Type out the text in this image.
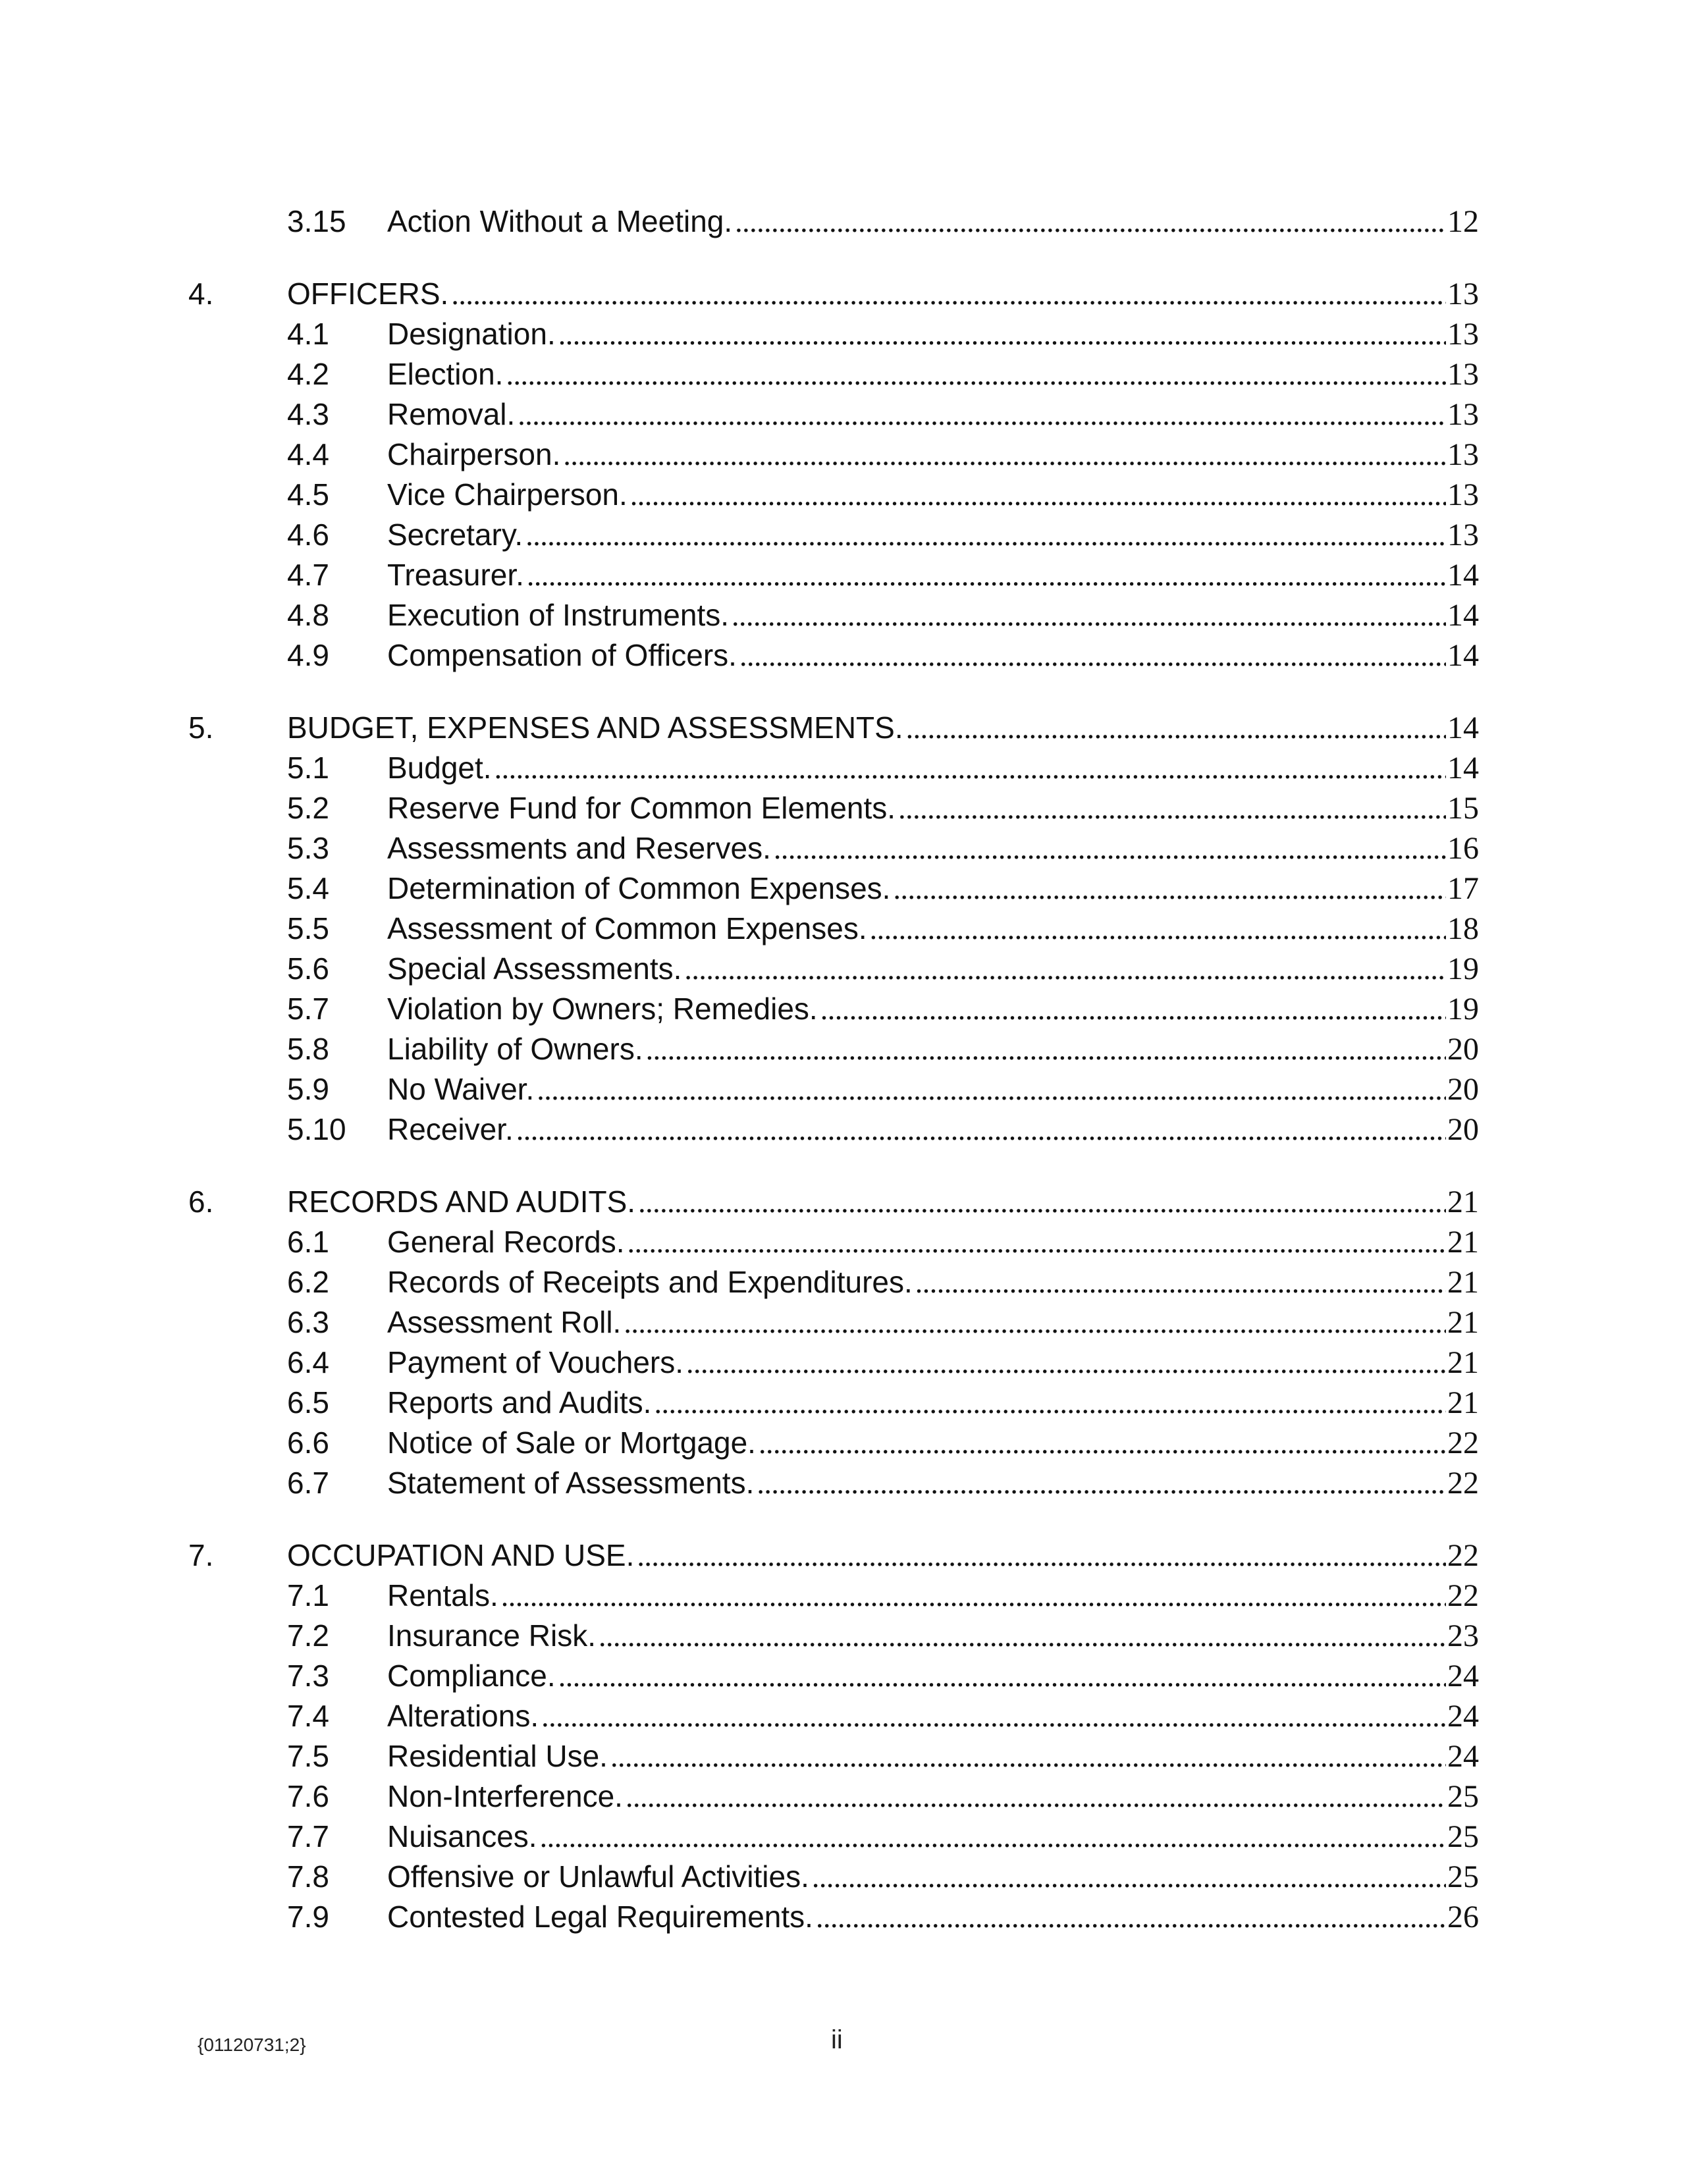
3.15	Action Without a Meeting. . . .	12
4.	OFFICERS. . . .	13
4.1	Designation. . . .	13
4.2	Election. . . .	13
4.3	Removal. . . .	13
4.4	Chairperson. . . .	13
4.5	Vice Chairperson. . . .	13
4.6	Secretary. . . .	13
4.7	Treasurer. . . .	14
4.8	Execution of Instruments. . . .	14
4.9	Compensation of Officers. . . .	14
5.	BUDGET, EXPENSES AND ASSESSMENTS. . . .	14
5.1	Budget. . . .	14
5.2	Reserve Fund for Common Elements. . . .	15
5.3	Assessments and Reserves. . . .	16
5.4	Determination of Common Expenses. . . .	17
5.5	Assessment of Common Expenses. . . .	18
5.6	Special Assessments. . . .	19
5.7	Violation by Owners; Remedies. . . .	19
5.8	Liability of Owners. . . .	20
5.9	No Waiver. . . .	20
5.10	Receiver. . . .	20
6.	RECORDS AND AUDITS. . . .	21
6.1	General Records. . . .	21
6.2	Records of Receipts and Expenditures. . . .	21
6.3	Assessment Roll. . . .	21
6.4	Payment of Vouchers. . . .	21
6.5	Reports and Audits. . . .	21
6.6	Notice of Sale or Mortgage. . . .	22
6.7	Statement of Assessments. . . .	22
7.	OCCUPATION AND USE. . . .	22
7.1	Rentals. . . .	22
7.2	Insurance Risk. . . .	23
7.3	Compliance. . . .	24
7.4	Alterations. . . .	24
7.5	Residential Use. . . .	24
7.6	Non-Interference. . . .	25
7.7	Nuisances. . . .	25
7.8	Offensive or Unlawful Activities. . . .	25
7.9	Contested Legal Requirements. . . .	26
{01120731;2}	ii
